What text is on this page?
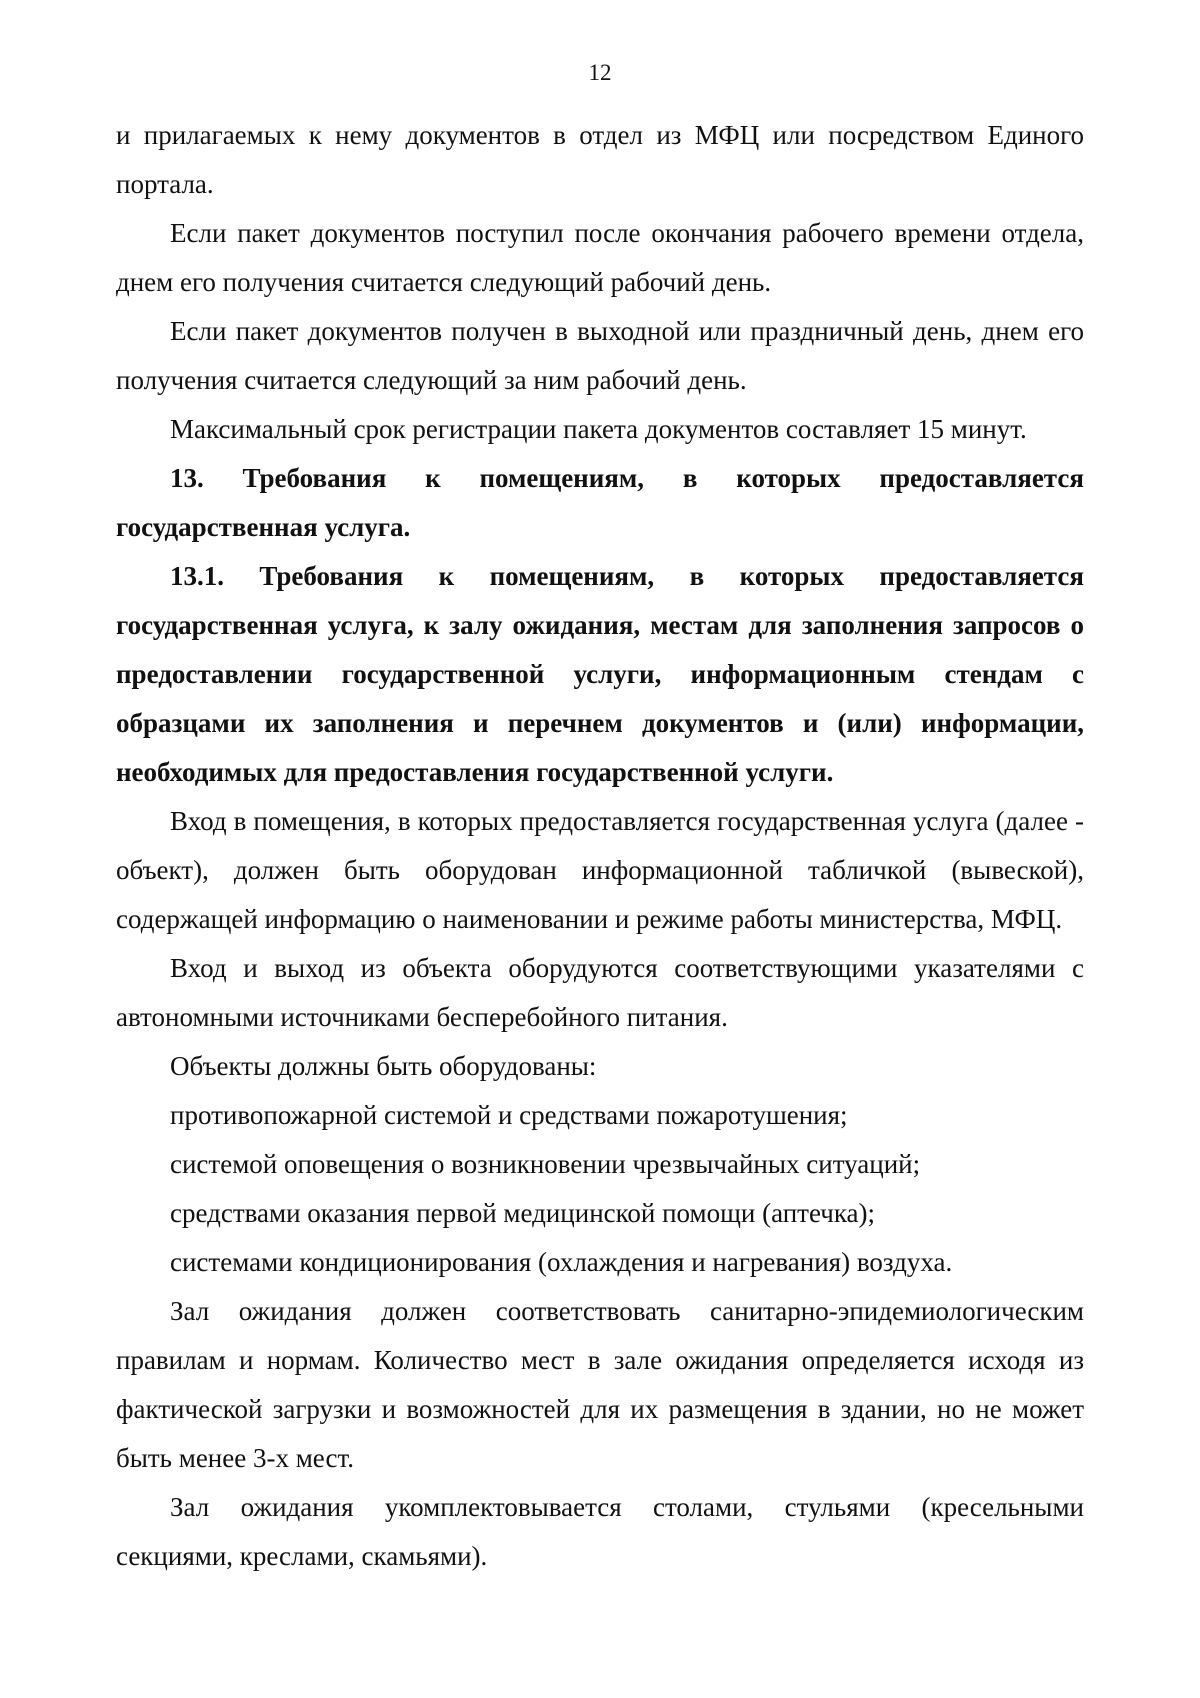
12

и прилагаемых к нему документов в отдел из МФЦ или посредством Единого портала.

Если пакет документов поступил после окончания рабочего времени отдела, днем его получения считается следующий рабочий день.

Если пакет документов получен в выходной или праздничный день, днем его получения считается следующий за ним рабочий день.

Максимальный срок регистрации пакета документов составляет 15 минут.

13. Требования к помещениям, в которых предоставляется государственная услуга.

13.1. Требования к помещениям, в которых предоставляется государственная услуга, к залу ожидания, местам для заполнения запросов о предоставлении государственной услуги, информационным стендам с образцами их заполнения и перечнем документов и (или) информации, необходимых для предоставления государственной услуги.

Вход в помещения, в которых предоставляется государственная услуга (далее - объект), должен быть оборудован информационной табличкой (вывеской), содержащей информацию о наименовании и режиме работы министерства, МФЦ.

Вход и выход из объекта оборудуются соответствующими указателями с автономными источниками бесперебойного питания.

Объекты должны быть оборудованы:

противопожарной системой и средствами пожаротушения;

системой оповещения о возникновении чрезвычайных ситуаций;

средствами оказания первой медицинской помощи (аптечка);

системами кондиционирования (охлаждения и нагревания) воздуха.

Зал ожидания должен соответствовать санитарно-эпидемиологическим правилам и нормам. Количество мест в зале ожидания определяется исходя из фактической загрузки и возможностей для их размещения в здании, но не может быть менее 3-х мест.

Зал ожидания укомплектовывается столами, стульями (кресельными секциями, креслами, скамьями).
